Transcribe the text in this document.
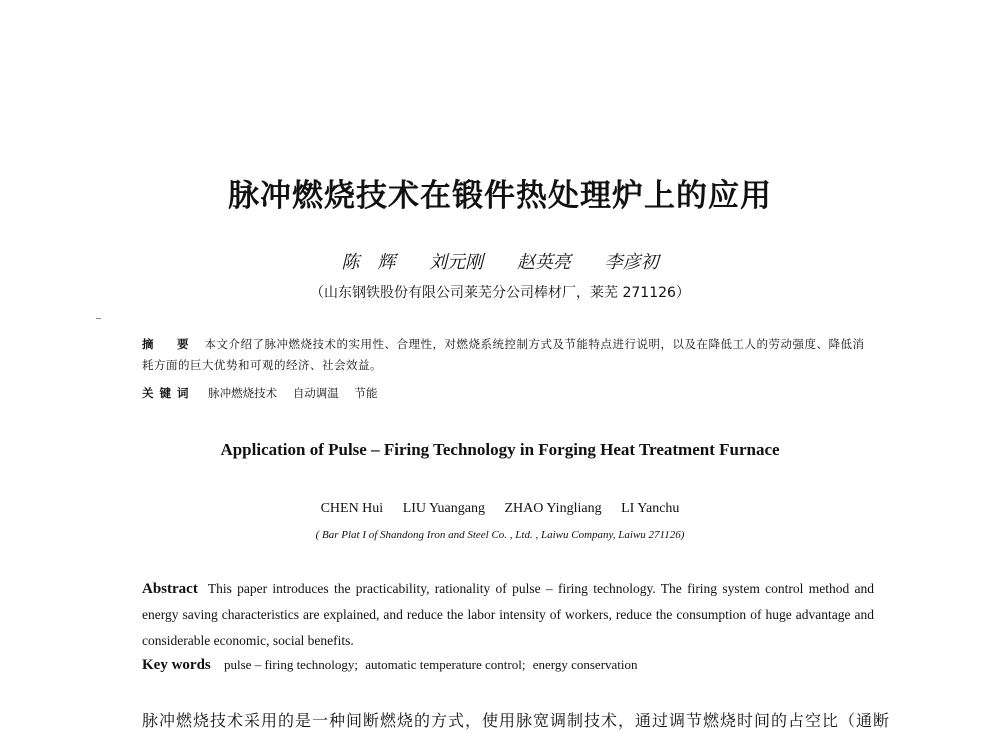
脉冲燃烧技术在锻件热处理炉上的应用
陈　辉 刘元刚 赵英亮 李彦初
（山东钢铁股份有限公司莱芜分公司棒材厂，莱芜 271126）
摘　要 本文介绍了脉冲燃烧技术的实用性、合理性，对燃烧系统控制方式及节能特点进行说明，以及在降低工人的劳动强度、降低消耗方面的巨大优势和可观的经济、社会效益。
关键词 脉冲燃烧技术 自动调温 节能
Application of Pulse – Firing Technology in Forging Heat Treatment Furnace
CHEN Hui LIU Yuangang ZHAO Yingliang LI Yanchu
( Bar Plat I of Shandong Iron and Steel Co. , Ltd. , Laiwu Company, Laiwu 271126)
Abstract This paper introduces the practicability, rationality of pulse – firing technology. The firing system control method and energy saving characteristics are explained, and reduce the labor intensity of workers, reduce the consumption of huge advantage and considerable economic, social benefits.
Key words pulse – firing technology; automatic temperature control; energy conservation
脉冲燃烧技术采用的是一种间断燃烧的方式，使用脉宽调制技术，通过调节燃烧时间的占空比（通断
